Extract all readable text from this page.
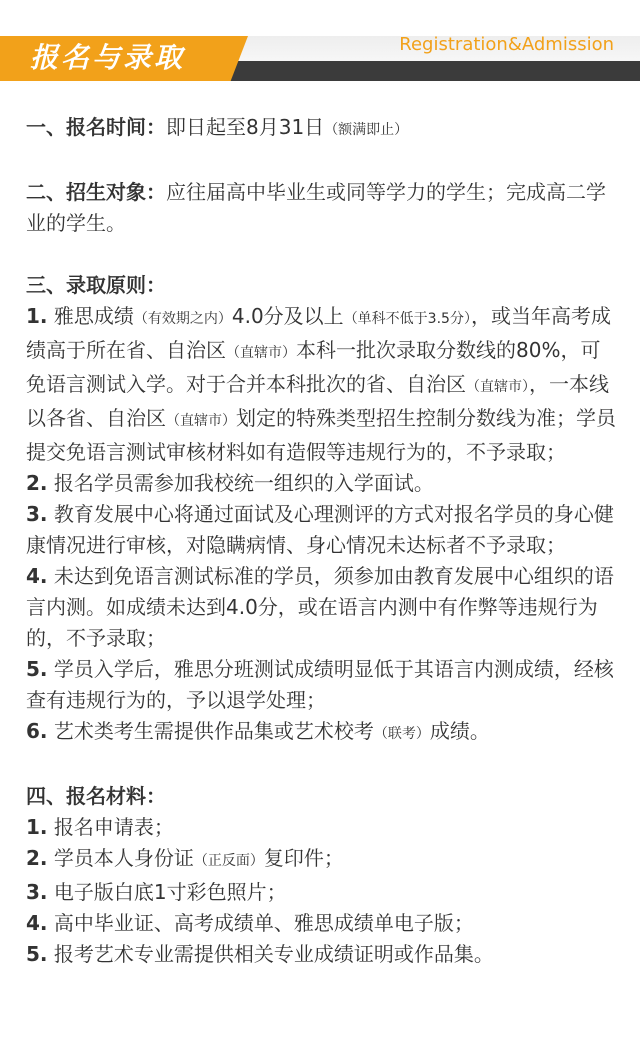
报名与录取	Registration&Admission
一、报名时间：即日起至8月31日（额满即止）
二、招生对象：应往届高中毕业生或同等学力的学生；完成高二学业的学生。
三、录取原则：

1. 雅思成绩（有效期之内）4.0分及以上（单科不低于3.5分），或当年高考成绩高于所在省、自治区（直辖市）本科一批次录取分数线的80%，可免语言测试入学。对于合并本科批次的省、自治区（直辖市），一本线以各省、自治区（直辖市）划定的特殊类型招生控制分数线为准；学员提交免语言测试审核材料如有造假等违规行为的，不予录取；

2. 报名学员需参加我校统一组织的入学面试。

3. 教育发展中心将通过面试及心理测评的方式对报名学员的身心健康情况进行审核，对隐瞒病情、身心情况未达标者不予录取；

4. 未达到免语言测试标准的学员，须参加由教育发展中心组织的语言内测。如成绩未达到4.0分，或在语言内测中有作弊等违规行为的，不予录取；

5. 学员入学后，雅思分班测试成绩明显低于其语言内测成绩，经核查有违规行为的，予以退学处理；

6. 艺术类考生需提供作品集或艺术校考（联考）成绩。

四、报名材料：

1. 报名申请表；

2. 学员本人身份证（正反面）复印件；

3. 电子版白底1寸彩色照片；

4. 高中毕业证、高考成绩单、雅思成绩单电子版；

5. 报考艺术专业需提供相关专业成绩证明或作品集。
